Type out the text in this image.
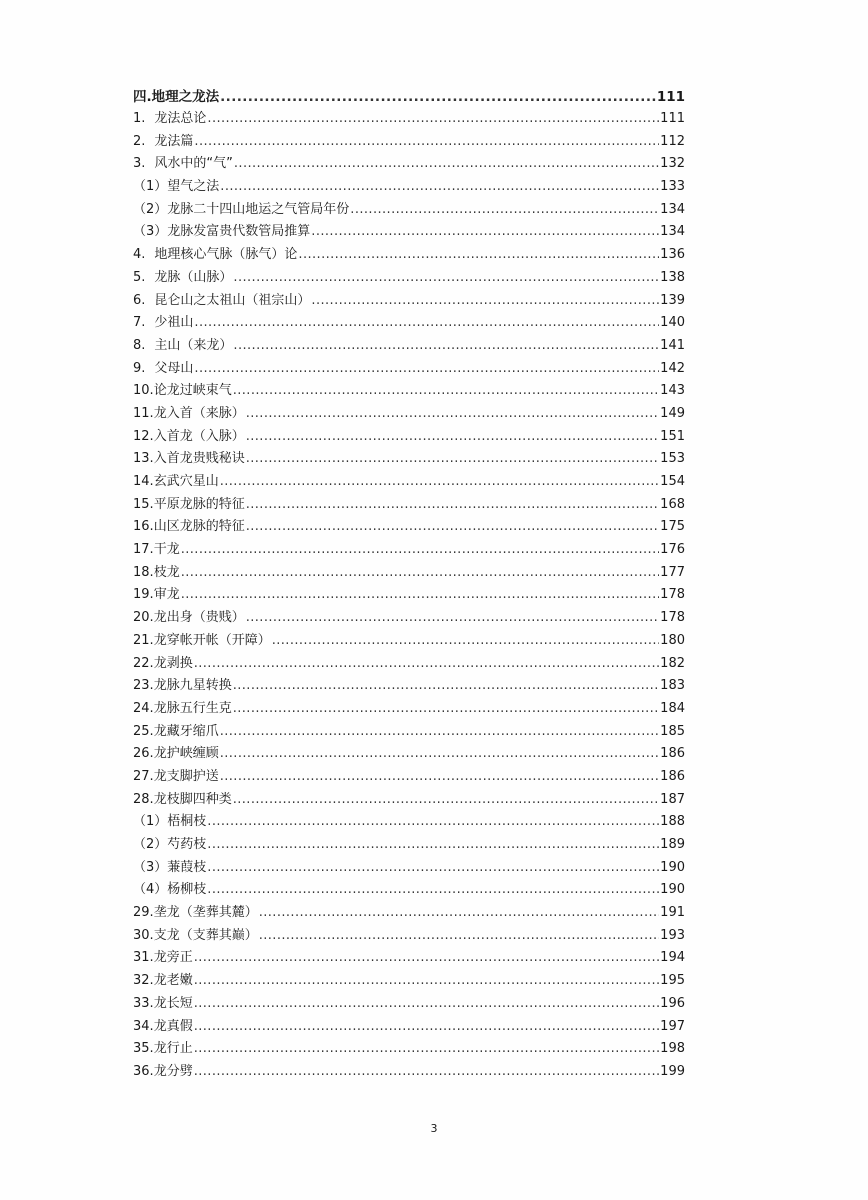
四.地理之龙法 .....	111
1. 龙法总论 .....	111
2. 龙法篇 .....	112
3. 风水中的“气” .....	132
（1） 望气之法 .....	133
（2） 龙脉二十四山地运之气管局年份 .....	134
（3） 龙脉发富贵代数管局推算 .....	134
4. 地理核心气脉（脉气）论 .....	136
5. 龙脉（山脉） .....	138
6. 昆仑山之太祖山（祖宗山） .....	139
7. 少祖山 .....	140
8. 主山（来龙） .....	141
9. 父母山 .....	142
10. 论龙过峡束气 .....	143
11. 龙入首（来脉） .....	149
12. 入首龙（入脉） .....	151
13. 入首龙贵贱秘诀 .....	153
14. 玄武穴星山 .....	154
15. 平原龙脉的特征 .....	168
16. 山区龙脉的特征 .....	175
17. 干龙 .....	176
18. 枝龙 .....	177
19. 审龙 .....	178
20. 龙出身（贵贱） .....	178
21. 龙穿帐开帐（开障） .....	180
22. 龙剥换 .....	182
23. 龙脉九星转换 .....	183
24. 龙脉五行生克 .....	184
25. 龙藏牙缩爪 .....	185
26. 龙护峡缠顾 .....	186
27. 龙支脚护送 .....	186
28. 龙枝脚四种类 .....	187
（1） 梧桐枝 .....	188
（2） 芍药枝 .....	189
（3） 蒹葭枝 .....	190
（4） 杨柳枝 .....	190
29. 垄龙（垄葬其麓） .....	191
30. 支龙（支葬其巅） .....	193
31. 龙旁正 .....	194
32. 龙老嫩 .....	195
33. 龙长短 .....	196
34. 龙真假 .....	197
35. 龙行止 .....	198
36. 龙分劈 .....	199
3
